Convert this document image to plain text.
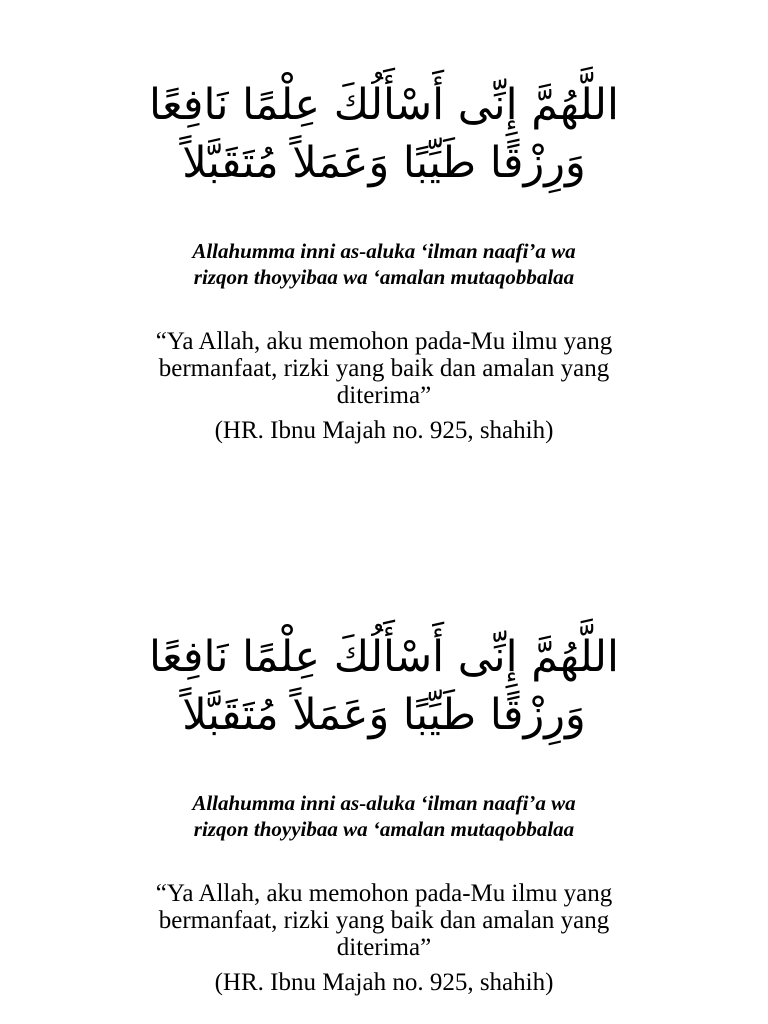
اللَّهُمَّ إِنِّى أَسْأَلُكَ عِلْمًا نَافِعًا
وَرِزْقًا طَيِّبًا وَعَمَلاً مُتَقَبَّلاً
Allahumma inni as-aluka ‘ilman naafi’a wa
rizqon thoyyibaa wa ‘amalan mutaqobbalaa
“Ya Allah, aku memohon pada-Mu ilmu yang
bermanfaat, rizki yang baik dan amalan yang
diterima”
(HR. Ibnu Majah no. 925, shahih)
اللَّهُمَّ إِنِّى أَسْأَلُكَ عِلْمًا نَافِعًا
وَرِزْقًا طَيِّبًا وَعَمَلاً مُتَقَبَّلاً
Allahumma inni as-aluka ‘ilman naafi’a wa
rizqon thoyyibaa wa ‘amalan mutaqobbalaa
“Ya Allah, aku memohon pada-Mu ilmu yang
bermanfaat, rizki yang baik dan amalan yang
diterima”
(HR. Ibnu Majah no. 925, shahih)
